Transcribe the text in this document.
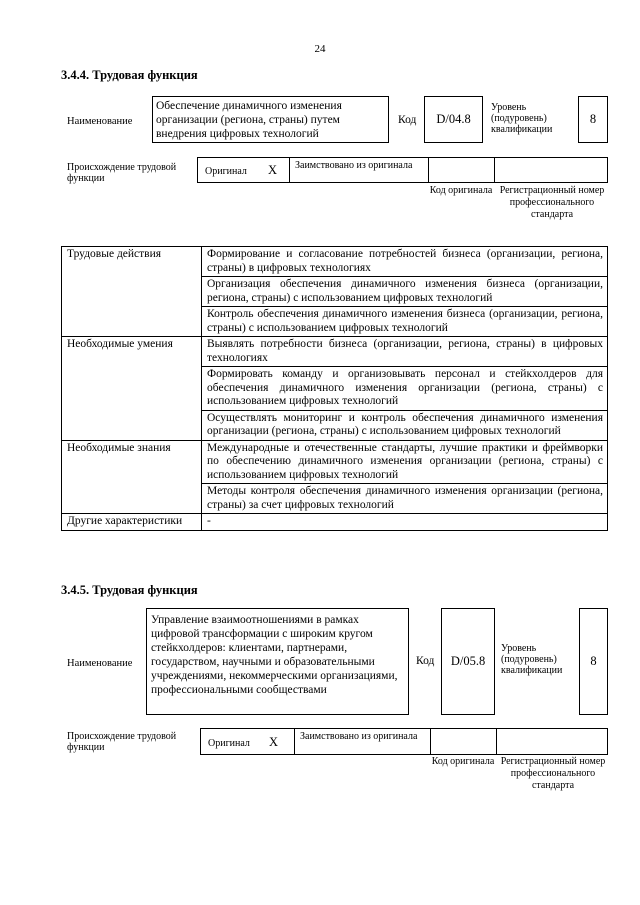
24
3.4.4. Трудовая функция
Наименование
Обеспечение динамичного изменения организации (региона, страны) путем внедрения цифровых технологий
Код D/04.8
Уровень (подуровень) квалификации
8
Происхождение трудовой функции
Оригинал X Заимствовано из оригинала
Код оригинала Регистрационный номер профессионального стандарта
Трудовые действия	Формирование и согласование потребностей бизнеса (организации, региона, страны) в цифровых технологиях
	Организация обеспечения динамичного изменения бизнеса (организации, региона, страны) с использованием цифровых технологий
	Контроль обеспечения динамичного изменения бизнеса (организации, региона, страны) с использованием цифровых технологий
Необходимые умения	Выявлять потребности бизнеса (организации, региона, страны) в цифровых технологиях
	Формировать команду и организовывать персонал и стейкхолдеров для обеспечения динамичного изменения организации (региона, страны) с использованием цифровых технологий
	Осуществлять мониторинг и контроль обеспечения динамичного изменения организации (региона, страны) с использованием цифровых технологий
Необходимые знания	Международные и отечественные стандарты, лучшие практики и фреймворки по обеспечению динамичного изменения организации (региона, страны) с использованием цифровых технологий
	Методы контроля обеспечения динамичного изменения организации (региона, страны) за счет цифровых технологий
Другие характеристики	-
3.4.5. Трудовая функция
Наименование
Управление взаимоотношениями в рамках цифровой трансформации с широким кругом стейкхолдеров: клиентами, партнерами, государством, научными и образовательными учреждениями, некоммерческими организациями, профессиональными сообществами
Код D/05.8
Уровень (подуровень) квалификации
8
Происхождение трудовой функции	Оригинал X Заимствовано из оригинала
Код оригинала Регистрационный номер профессионального стандарта
